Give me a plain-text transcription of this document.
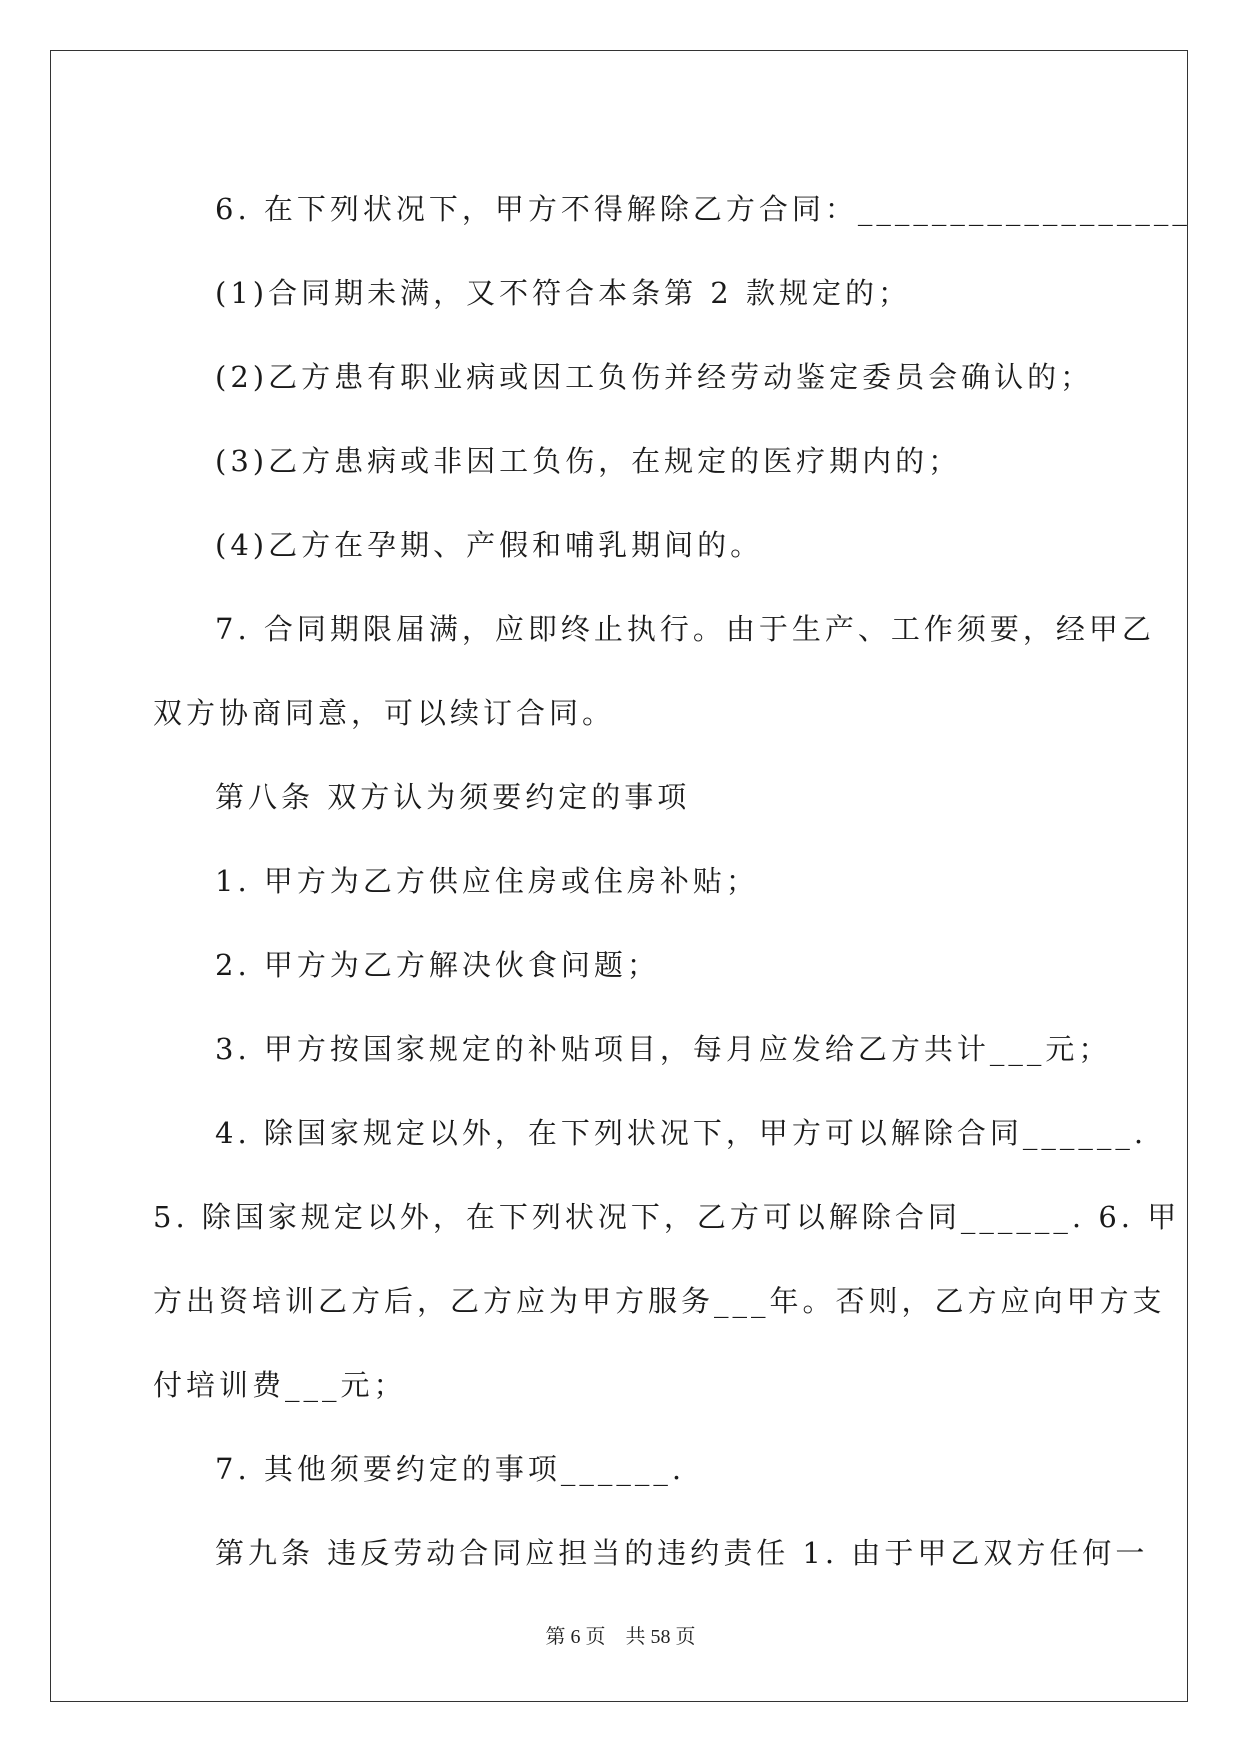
6. 在下列状况下，甲方不得解除乙方合同：__________________

(1)合同期未满，又不符合本条第 2 款规定的；

(2)乙方患有职业病或因工负伤并经劳动鉴定委员会确认的；

(3)乙方患病或非因工负伤，在规定的医疗期内的；

(4)乙方在孕期、产假和哺乳期间的。

7. 合同期限届满，应即终止执行。由于生产、工作须要，经甲乙

双方协商同意，可以续订合同。

第八条 双方认为须要约定的事项

1. 甲方为乙方供应住房或住房补贴；

2. 甲方为乙方解决伙食问题；

3. 甲方按国家规定的补贴项目，每月应发给乙方共计___元；

4. 除国家规定以外，在下列状况下，甲方可以解除合同______.

5. 除国家规定以外，在下列状况下，乙方可以解除合同______. 6. 甲

方出资培训乙方后，乙方应为甲方服务___年。否则，乙方应向甲方支

付培训费___元；

7. 其他须要约定的事项______.

第九条 违反劳动合同应担当的违约责任 1. 由于甲乙双方任何一

第 6 页　共 58 页
